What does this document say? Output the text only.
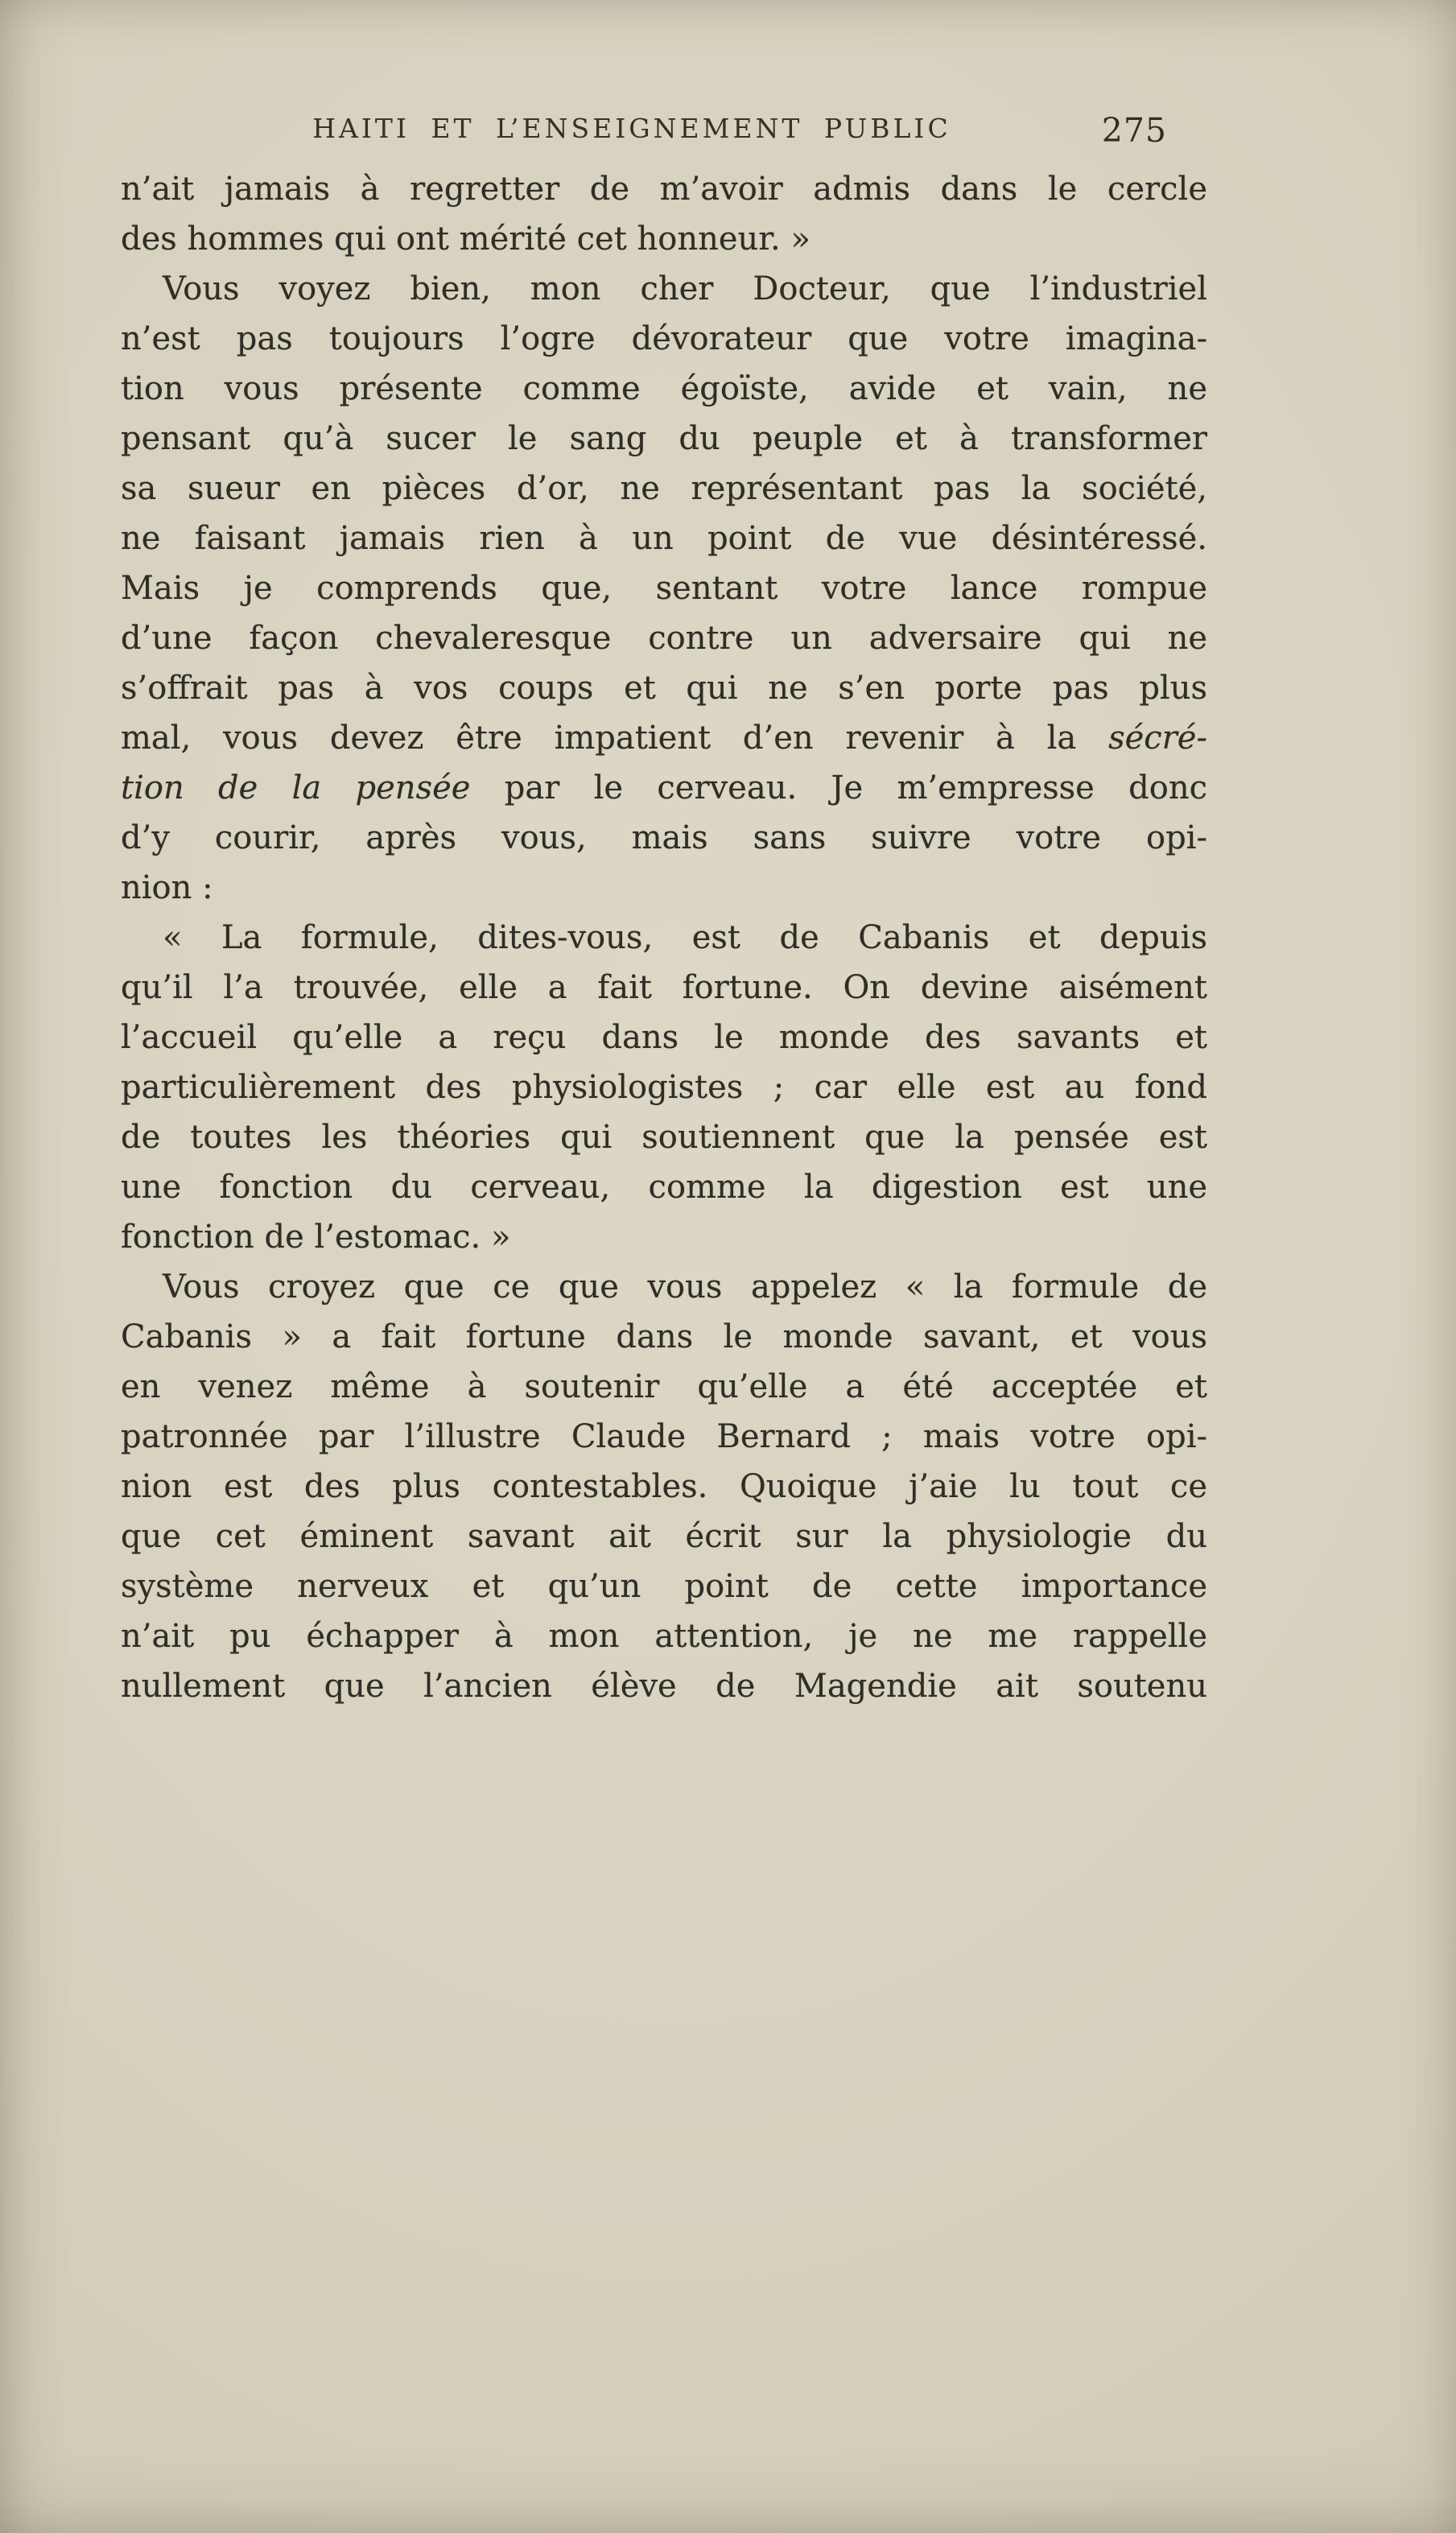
HAITI ET L’ENSEIGNEMENT PUBLIC	275

n’ait jamais à regretter de m’avoir admis dans le cercle
des hommes qui ont mérité cet honneur. »

Vous voyez bien, mon cher Docteur, que l’industriel
n’est pas toujours l’ogre dévorateur que votre imagina-
tion vous présente comme égoïste, avide et vain, ne
pensant qu’à sucer le sang du peuple et à transformer
sa sueur en pièces d’or, ne représentant pas la société,
ne faisant jamais rien à un point de vue désintéressé.
Mais je comprends que, sentant votre lance rompue
d’une façon chevaleresque contre un adversaire qui ne
s’offrait pas à vos coups et qui ne s’en porte pas plus
mal, vous devez être impatient d’en revenir à la sécré-
tion de la pensée par le cerveau. Je m’empresse donc
d’y courir, après vous, mais sans suivre votre opi-
nion :

« La formule, dites-vous, est de Cabanis et depuis
qu’il l’a trouvée, elle a fait fortune. On devine aisément
l’accueil qu’elle a reçu dans le monde des savants et
particulièrement des physiologistes ; car elle est au fond
de toutes les théories qui soutiennent que la pensée est
une fonction du cerveau, comme la digestion est une
fonction de l’estomac. »

Vous croyez que ce que vous appelez « la formule de
Cabanis » a fait fortune dans le monde savant, et vous
en venez même à soutenir qu’elle a été acceptée et
patronnée par l’illustre Claude Bernard ; mais votre opi-
nion est des plus contestables. Quoique j’aie lu tout ce
que cet éminent savant ait écrit sur la physiologie du
système nerveux et qu’un point de cette importance
n’ait pu échapper à mon attention, je ne me rappelle
nullement que l’ancien élève de Magendie ait soutenu
